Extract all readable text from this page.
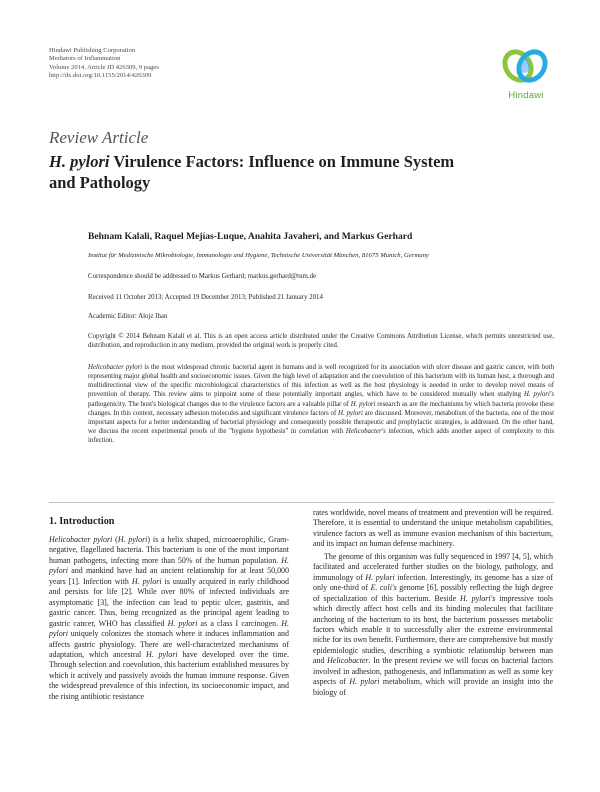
Hindawi Publishing Corporation
Mediators of Inflammation
Volume 2014, Article ID 426309, 9 pages
http://dx.doi.org/10.1155/2014/426309
Hindawi
Review Article
H. pylori Virulence Factors: Influence on Immune System and Pathology
Behnam Kalali, Raquel Mejías-Luque, Anahita Javaheri, and Markus Gerhard
Institut für Medizinische Mikrobiologie, Immunologie und Hygiene, Technische Universität München, 81675 Munich, Germany
Correspondence should be addressed to Markus Gerhard; markus.gerhard@tum.de
Received 11 October 2013; Accepted 19 December 2013; Published 21 January 2014
Academic Editor: Alojz Ihan
Copyright © 2014 Behnam Kalali et al. This is an open access article distributed under the Creative Commons Attribution License, which permits unrestricted use, distribution, and reproduction in any medium, provided the original work is properly cited.

Helicobacter pylori is the most widespread chronic bacterial agent in humans and is well recognized for its association with ulcer disease and gastric cancer, with both representing major global health and socioeconomic issues. Given the high level of adaptation and the coevolution of this bacterium with its human host, a thorough and multidirectional view of the specific microbiological characteristics of this infection as well as the host physiology is needed in order to develop novel means of prevention of therapy. This review aims to pinpoint some of these potentially important angles, which have to be considered mutually when studying H. pylori's pathogenicity. The host's biological changes due to the virulence factors are a valuable pillar of H. pylori research as are the mechanisms by which bacteria provoke these changes. In this context, necessary adhesion molecules and significant virulence factors of H. pylori are discussed. Moreover, metabolism of the bacteria, one of the most important aspects for a better understanding of bacterial physiology and consequently possible therapeutic and prophylactic strategies, is addressed. On the other hand, we discuss the recent experimental proofs of the "hygiene hypothesis" in correlation with Helicobacter's infection, which adds another aspect of complexity to this infection.

1. Introduction

Helicobacter pylori (H. pylori) is a helix shaped, microaerophilic, Gram-negative, flagellated bacteria. This bacterium is one of the most important human pathogens, infecting more than 50% of the human population. H. pylori and mankind have had an ancient relationship for at least 50,000 years [1]. Infection with H. pylori is usually acquired in early childhood and persists for life [2]. While over 80% of infected individuals are asymptomatic [3], the infection can lead to peptic ulcer, gastritis, and gastric cancer. Thus, being recognized as the principal agent leading to gastric cancer, WHO has classified H. pylori as a class I carcinogen. H. pylori uniquely colonizes the stomach where it induces inflammation and affects gastric physiology. There are well-characterized mechanisms of adaptation, which ancestral H. pylori have developed over the time. Through selection and coevolution, this bacterium established measures by which it actively and passively avoids the human immune response. Given the widespread prevalence of this infection, its socioeconomic impact, and the rising antibiotic resistance

rates worldwide, novel means of treatment and prevention will be required. Therefore, it is essential to understand the unique metabolism capabilities, virulence factors as well as immune evasion mechanism of this bacterium, and its impact on human defense machinery.

The genome of this organism was fully sequenced in 1997 [4, 5], which facilitated and accelerated further studies on the biology, pathology, and immunology of H. pylori infection. Interestingly, its genome has a size of only one-third of E. coli's genome [6], possibly reflecting the high degree of specialization of this bacterium. Beside H. pylori's impressive tools which directly affect host cells and its binding molecules that facilitate anchoring of the bacterium to its host, the bacterium possesses metabolic factors which enable it to successfully alter the extreme environmental niche for its own benefit. Furthermore, there are comprehensive but mostly epidemiologic studies, describing a symbiotic relationship between man and Helicobacter. In the present review we will focus on bacterial factors involved in adhesion, pathogenesis, and inflammation as well as some key aspects of H. pylori metabolism, which will provide an insight into the biology of
